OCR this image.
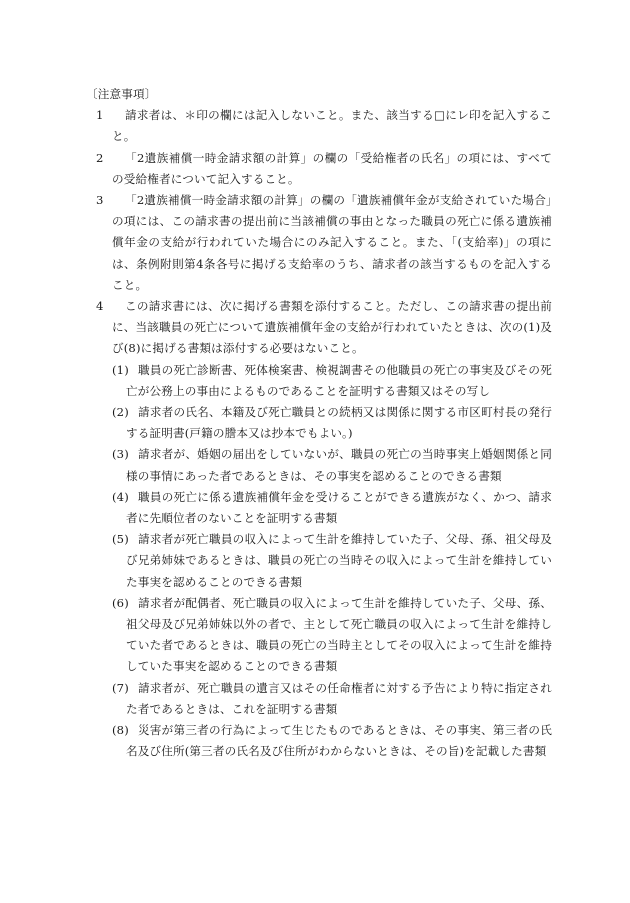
〔注意事項〕
1	請求者は、＊印の欄には記入しないこと。また、該当する□にレ印を記入すること。
2	「2遺族補償一時金請求額の計算」の欄の「受給権者の氏名」の項には、すべての受給権者について記入すること。
3	「2遺族補償一時金請求額の計算」の欄の「遺族補償年金が支給されていた場合」の項には、この請求書の提出前に当該補償の事由となった職員の死亡に係る遺族補償年金の支給が行われていた場合にのみ記入すること。また、「(支給率)」の項には、条例附則第4条各号に掲げる支給率のうち、請求者の該当するものを記入すること。
4	この請求書には、次に掲げる書類を添付すること。ただし、この請求書の提出前に、当該職員の死亡について遺族補償年金の支給が行われていたときは、次の(1)及び(8)に掲げる書類は添付する必要はないこと。
(1) 職員の死亡診断書、死体検案書、検視調書その他職員の死亡の事実及びその死亡が公務上の事由によるものであることを証明する書類又はその写し
(2) 請求者の氏名、本籍及び死亡職員との続柄又は関係に関する市区町村長の発行する証明書(戸籍の謄本又は抄本でもよい。)
(3) 請求者が、婚姻の届出をしていないが、職員の死亡の当時事実上婚姻関係と同様の事情にあった者であるときは、その事実を認めることのできる書類
(4) 職員の死亡に係る遺族補償年金を受けることができる遺族がなく、かつ、請求者に先順位者のないことを証明する書類
(5) 請求者が死亡職員の収入によって生計を維持していた子、父母、孫、祖父母及び兄弟姉妹であるときは、職員の死亡の当時その収入によって生計を維持していた事実を認めることのできる書類
(6) 請求者が配偶者、死亡職員の収入によって生計を維持していた子、父母、孫、祖父母及び兄弟姉妹以外の者で、主として死亡職員の収入によって生計を維持していた者であるときは、職員の死亡の当時主としてその収入によって生計を維持していた事実を認めることのできる書類
(7) 請求者が、死亡職員の遺言又はその任命権者に対する予告により特に指定された者であるときは、これを証明する書類
(8) 災害が第三者の行為によって生じたものであるときは、その事実、第三者の氏名及び住所(第三者の氏名及び住所がわからないときは、その旨)を記載した書類
